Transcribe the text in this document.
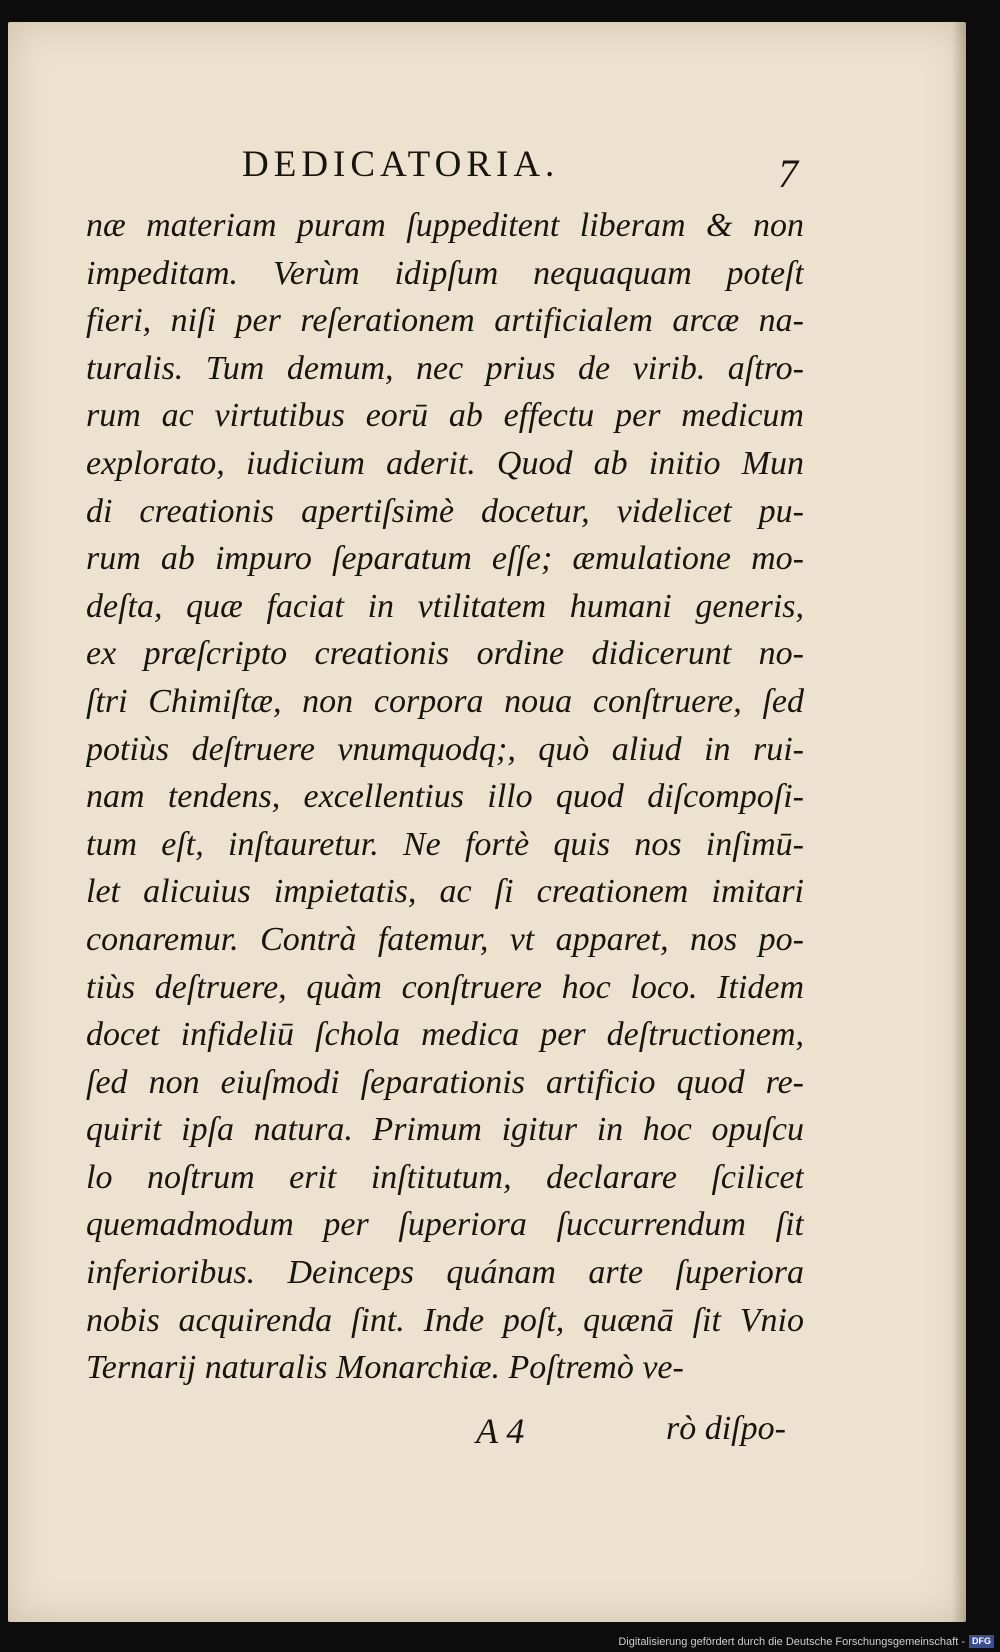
DEDICATORIA.	7
næ materiam puram ſuppeditent liberam & non
impeditam. Verùm idipſum nequaquam poteſt
fieri, niſi per reſerationem artificialem arcæ na-
turalis. Tum demum, nec prius de virib. aſtro-
rum ac virtutibus eorū ab effectu per medicum
explorato, iudicium aderit. Quod ab initio Mun
di creationis apertiſsimè docetur, videlicet pu-
rum ab impuro ſeparatum eſſe; æmulatione mo-
deſta, quæ faciat in vtilitatem humani generis,
ex præſcripto creationis ordine didicerunt no-
ſtri Chimiſtæ, non corpora noua conſtruere, ſed
potiùs deſtruere vnumquodq;, quò aliud in rui-
nam tendens, excellentius illo quod diſcompoſi-
tum eſt, inſtauretur. Ne fortè quis nos inſimū-
let alicuius impietatis, ac ſi creationem imitari
conaremur. Contrà fatemur, vt apparet, nos po-
tiùs deſtruere, quàm conſtruere hoc loco. Itidem
docet infideliū ſchola medica per deſtructionem,
ſed non eiuſmodi ſeparationis artificio quod re-
quirit ipſa natura. Primum igitur in hoc opuſcu
lo noſtrum erit inſtitutum, declarare ſcilicet
quemadmodum per ſuperiora ſuccurrendum ſit
inferioribus. Deinceps quánam arte ſuperiora
nobis acquirenda ſint. Inde poſt, quænā ſit Vnio
Ternarij naturalis Monarchiæ. Poſtremò ve-
A 4	rò diſpo-
Digitalisierung gefördert durch die Deutsche Forschungsgemeinschaft - DFG
